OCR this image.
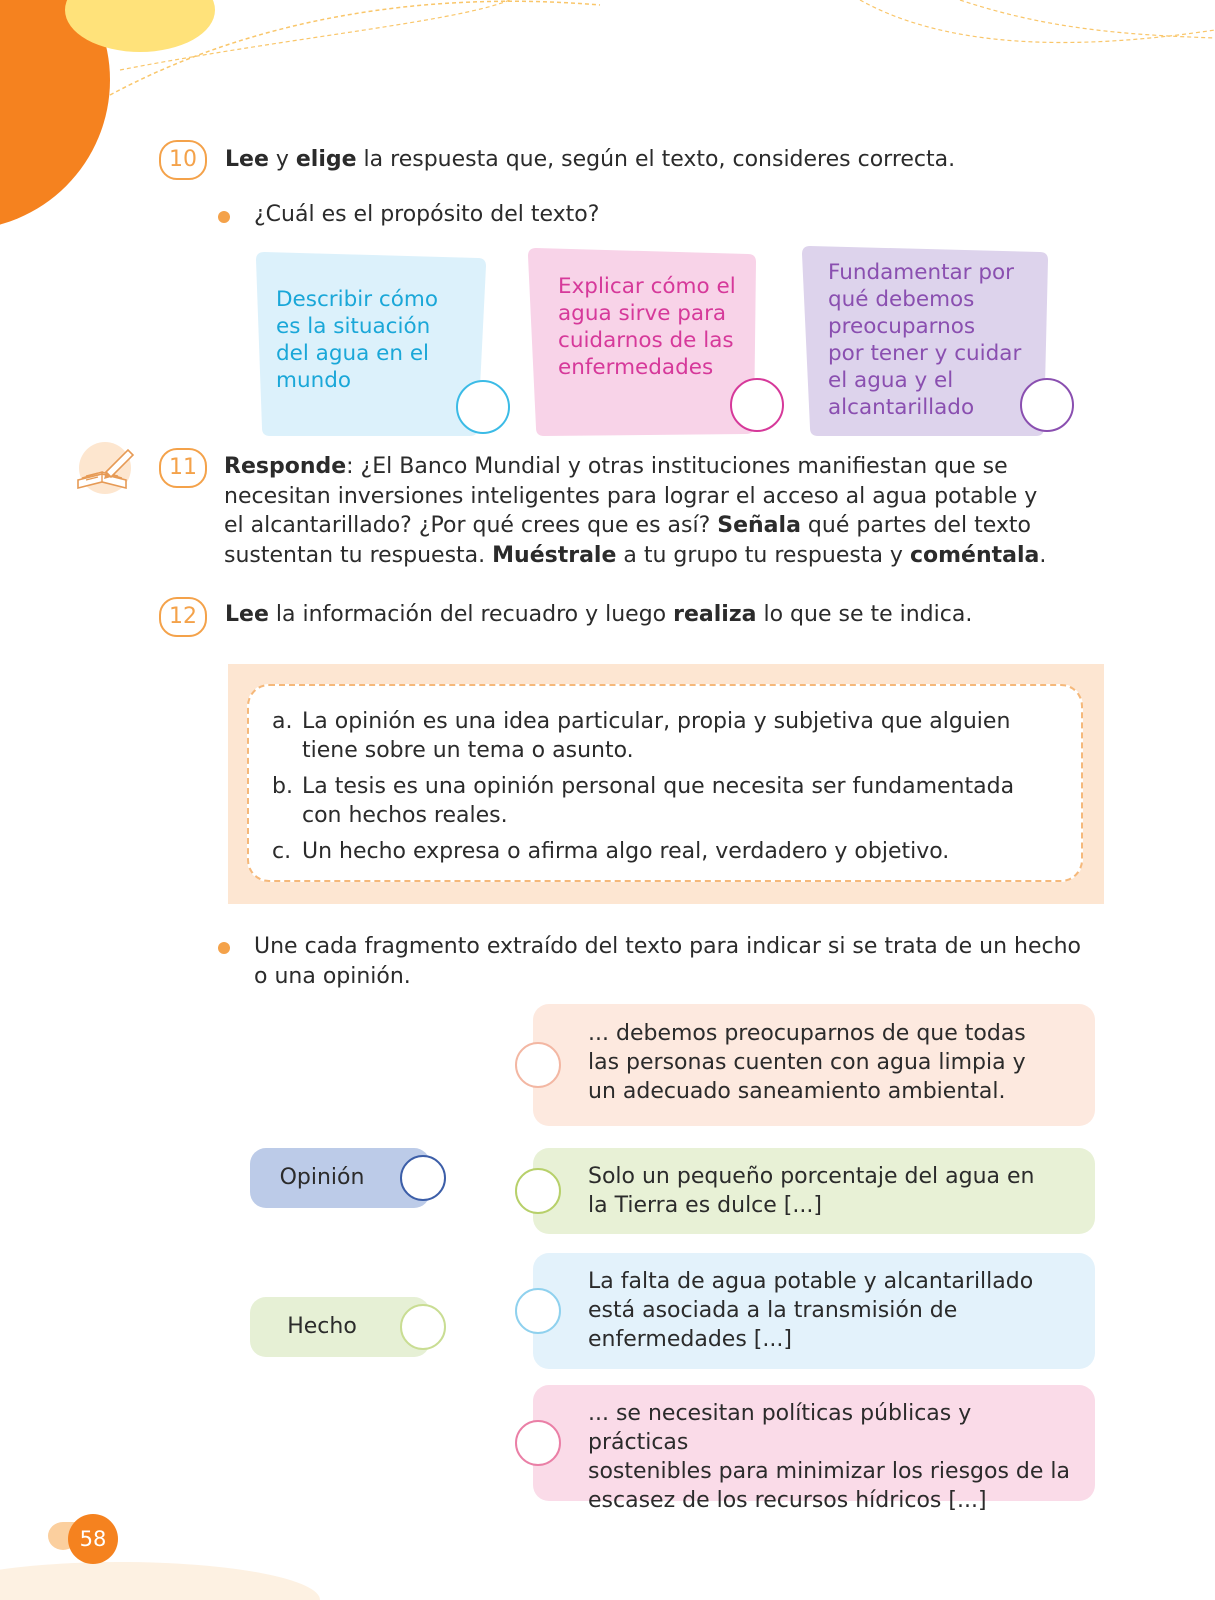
10	Lee y elige la respuesta que, según el texto, consideres correcta.
¿Cuál es el propósito del texto?
Describir cómo
es la situación
del agua en el
mundo
Explicar cómo el
agua sirve para
cuidarnos de las
enfermedades
Fundamentar por
qué debemos
preocuparnos
por tener y cuidar
el agua y el
alcantarillado
11	Responde: ¿El Banco Mundial y otras instituciones manifiestan que se
necesitan inversiones inteligentes para lograr el acceso al agua potable y
el alcantarillado? ¿Por qué crees que es así? Señala qué partes del texto
sustentan tu respuesta. Muéstrale a tu grupo tu respuesta y coméntala.
12	Lee la información del recuadro y luego realiza lo que se te indica.
a. La opinión es una idea particular, propia y subjetiva que alguien
tiene sobre un tema o asunto.
b. La tesis es una opinión personal que necesita ser fundamentada
con hechos reales.
c. Un hecho expresa o afirma algo real, verdadero y objetivo.
Une cada fragmento extraído del texto para indicar si se trata de un hecho
o una opinión.
... debemos preocuparnos de que todas
las personas cuenten con agua limpia y
un adecuado saneamiento ambiental.
Solo un pequeño porcentaje del agua en
la Tierra es dulce [...]
La falta de agua potable y alcantarillado
está asociada a la transmisión de
enfermedades [...]
... se necesitan políticas públicas y prácticas
sostenibles para minimizar los riesgos de la
escasez de los recursos hídricos [...]
Opinión
Hecho
58
